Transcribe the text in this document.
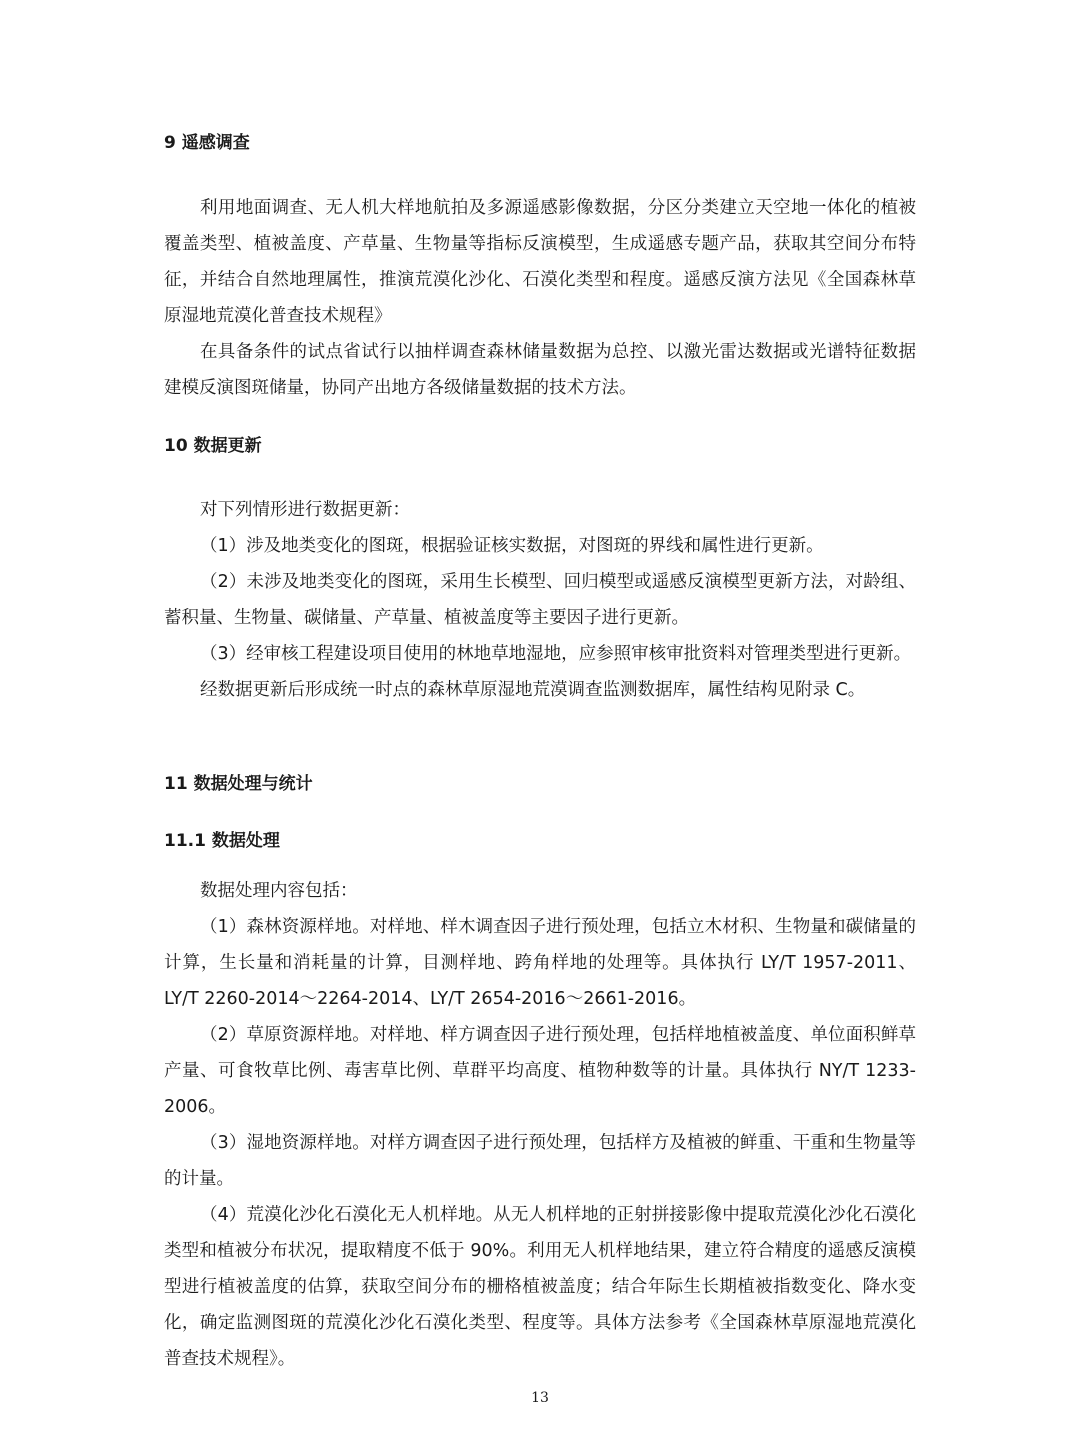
9 遥感调查

利用地面调查、无人机大样地航拍及多源遥感影像数据，分区分类建立天空地一体化的植被覆盖类型、植被盖度、产草量、生物量等指标反演模型，生成遥感专题产品，获取其空间分布特征，并结合自然地理属性，推演荒漠化沙化、石漠化类型和程度。遥感反演方法见《全国森林草原湿地荒漠化普查技术规程》

在具备条件的试点省试行以抽样调查森林储量数据为总控、以激光雷达数据或光谱特征数据建模反演图斑储量，协同产出地方各级储量数据的技术方法。

10 数据更新

对下列情形进行数据更新：

（1）涉及地类变化的图斑，根据验证核实数据，对图斑的界线和属性进行更新。

（2）未涉及地类变化的图斑，采用生长模型、回归模型或遥感反演模型更新方法，对龄组、蓄积量、生物量、碳储量、产草量、植被盖度等主要因子进行更新。

（3）经审核工程建设项目使用的林地草地湿地，应参照审核审批资料对管理类型进行更新。

经数据更新后形成统一时点的森林草原湿地荒漠调查监测数据库，属性结构见附录 C。

11 数据处理与统计
11.1 数据处理

数据处理内容包括：

（1）森林资源样地。对样地、样木调查因子进行预处理，包括立木材积、生物量和碳储量的计算，生长量和消耗量的计算，目测样地、跨角样地的处理等。具体执行 LY/T 1957-2011、LY/T 2260-2014～2264-2014、LY/T 2654-2016～2661-2016。

（2）草原资源样地。对样地、样方调查因子进行预处理，包括样地植被盖度、单位面积鲜草产量、可食牧草比例、毒害草比例、草群平均高度、植物种数等的计量。具体执行 NY/T 1233-2006。

（3）湿地资源样地。对样方调查因子进行预处理，包括样方及植被的鲜重、干重和生物量等的计量。

（4）荒漠化沙化石漠化无人机样地。从无人机样地的正射拼接影像中提取荒漠化沙化石漠化类型和植被分布状况，提取精度不低于 90%。利用无人机样地结果，建立符合精度的遥感反演模型进行植被盖度的估算，获取空间分布的栅格植被盖度；结合年际生长期植被指数变化、降水变化，确定监测图斑的荒漠化沙化石漠化类型、程度等。具体方法参考《全国森林草原湿地荒漠化普查技术规程》。

13
